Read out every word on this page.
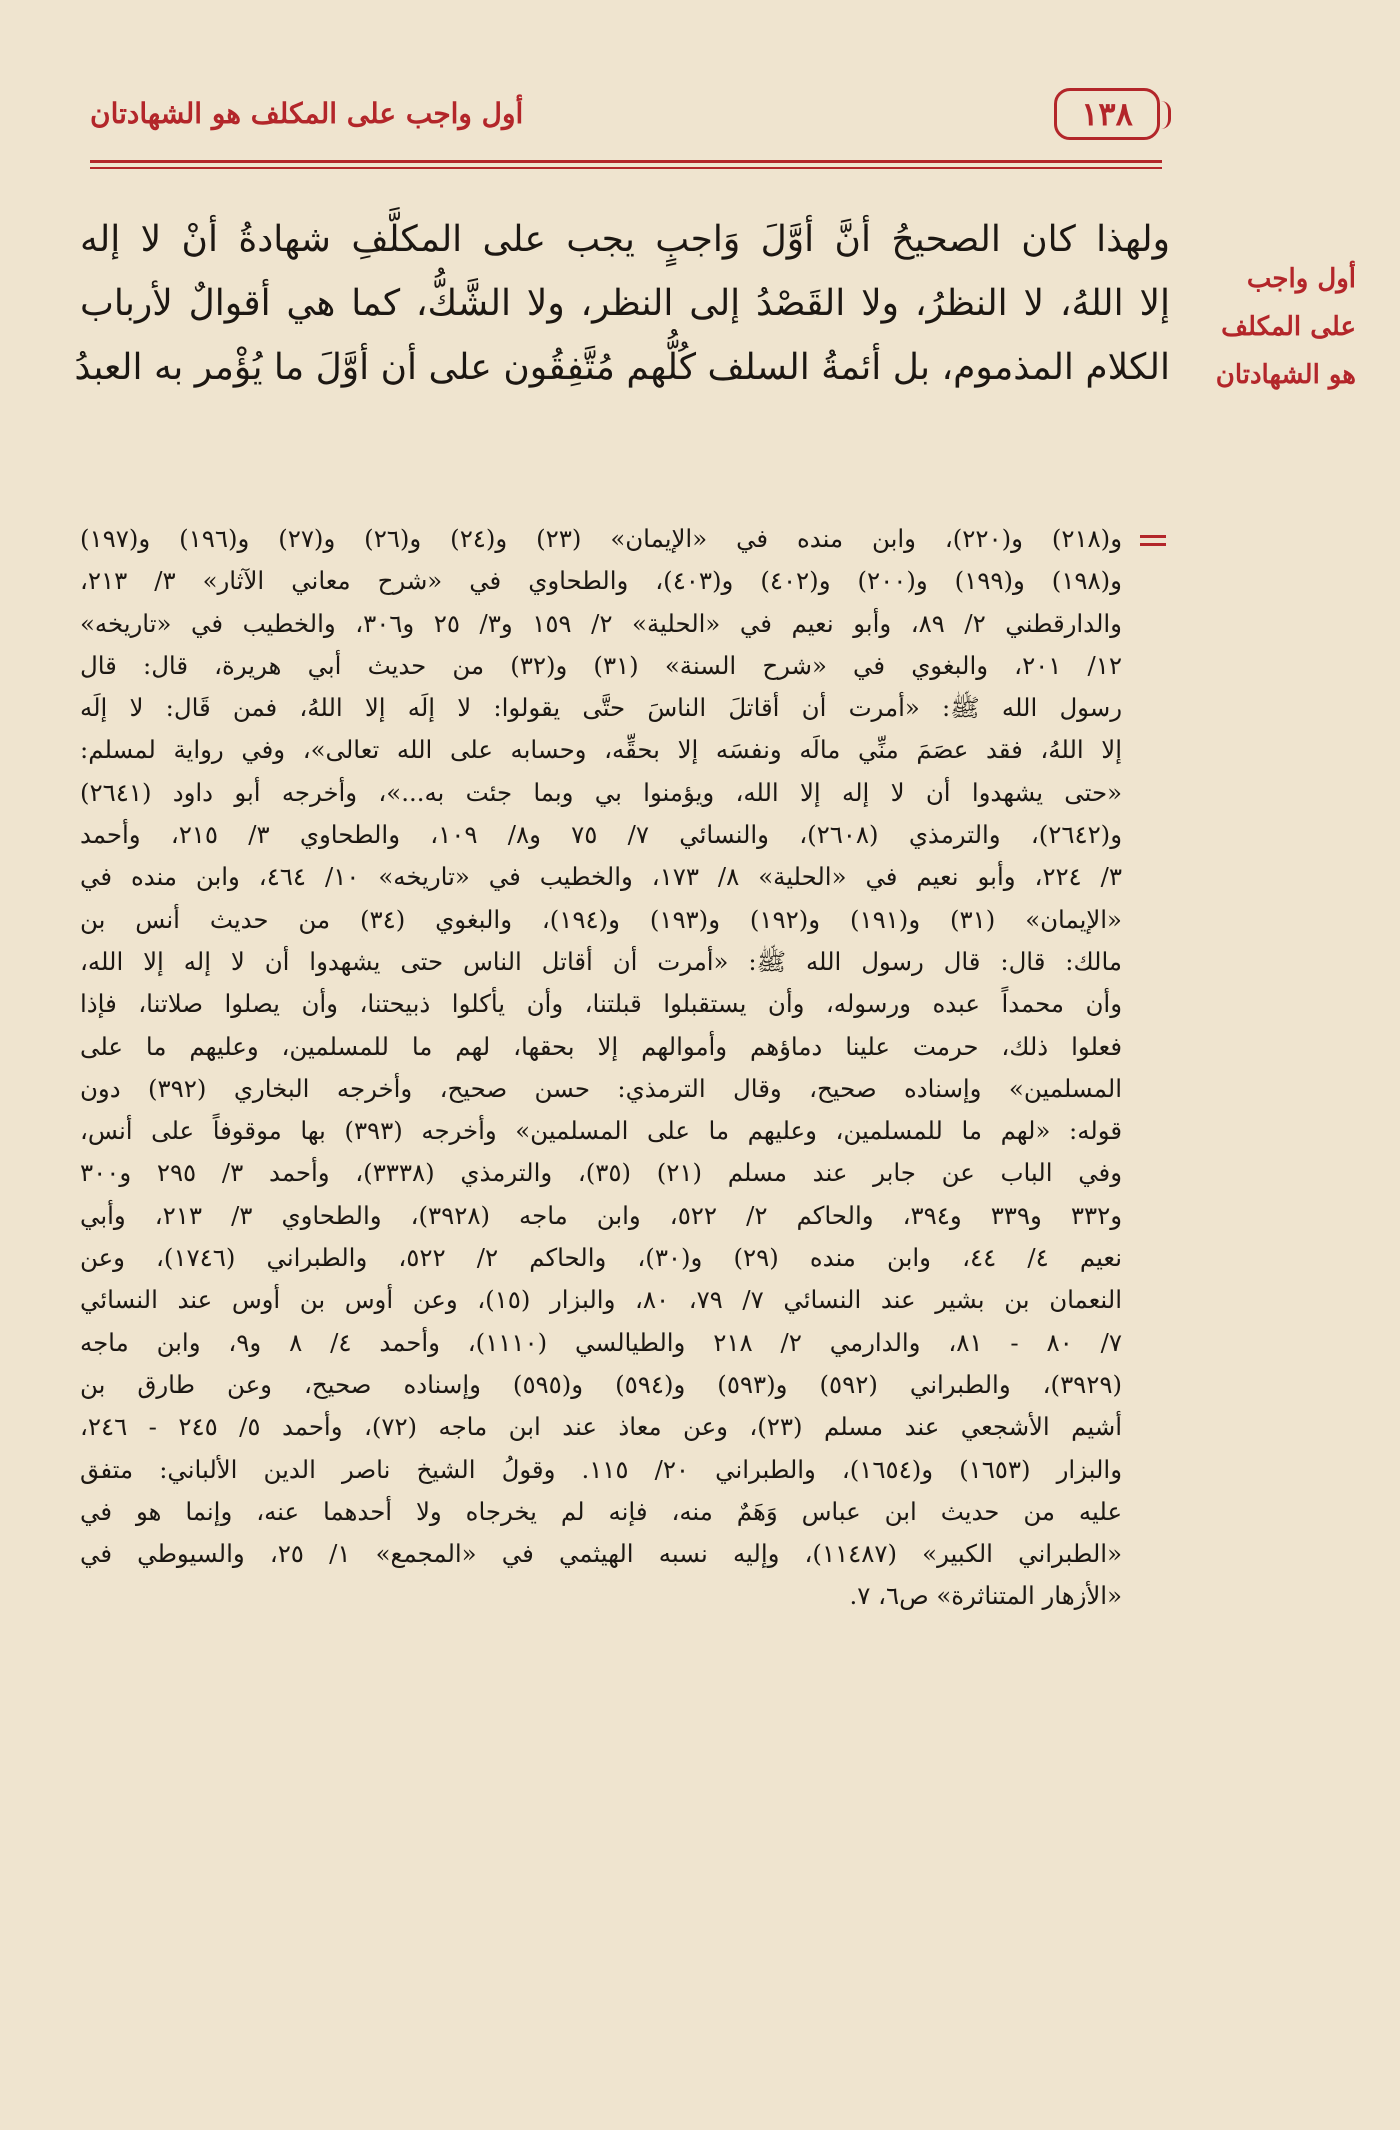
أول واجب على المكلف هو الشهادتان	١٣٨
أول واجب
على المكلف
هو الشهادتان
ولهذا كان الصحيحُ أنَّ أوَّلَ وَاجبٍ يجب على المكلَّفِ شهادةُ أنْ لا إله
إلا اللهُ، لا النظرُ، ولا القَصْدُ إلى النظر، ولا الشَّكُّ، كما هي أقوالٌ لأرباب
الكلام المذموم، بل أئمةُ السلف كُلُّهم مُتَّفِقُون على أن أوَّلَ ما يُؤْمر به العبدُ
و(٢١٨) و(٢٢٠)، وابن منده في «الإيمان» (٢٣) و(٢٤) و(٢٦) و(٢٧) و(١٩٦) و(١٩٧)
و(١٩٨) و(١٩٩) و(٢٠٠) و(٤٠٢) و(٤٠٣)، والطحاوي في «شرح معاني الآثار» ٣/ ٢١٣،
والدارقطني ٢/ ٨٩، وأبو نعيم في «الحلية» ٢/ ١٥٩ و٣/ ٢٥ و٣٠٦، والخطيب في «تاريخه»
١٢/ ٢٠١، والبغوي في «شرح السنة» (٣١) و(٣٢) من حديث أبي هريرة، قال: قال
رسول الله ﷺ: «أمرت أن أقاتلَ الناسَ حتَّى يقولوا: لا إلَه إلا اللهُ، فمن قَال: لا إلَه
إلا اللهُ، فقد عصَمَ منِّي مالَه ونفسَه إلا بحقِّه، وحسابه على الله تعالى»، وفي رواية لمسلم:
«حتى يشهدوا أن لا إله إلا الله، ويؤمنوا بي وبما جئت به...»، وأخرجه أبو داود (٢٦٤١)
و(٢٦٤٢)، والترمذي (٢٦٠٨)، والنسائي ٧/ ٧٥ و٨/ ١٠٩، والطحاوي ٣/ ٢١٥، وأحمد
٣/ ٢٢٤، وأبو نعيم في «الحلية» ٨/ ١٧٣، والخطيب في «تاريخه» ١٠/ ٤٦٤، وابن منده في
«الإيمان» (٣١) و(١٩١) و(١٩٢) و(١٩٣) و(١٩٤)، والبغوي (٣٤) من حديث أنس بن
مالك: قال: قال رسول الله ﷺ: «أمرت أن أقاتل الناس حتى يشهدوا أن لا إله إلا الله،
وأن محمداً عبده ورسوله، وأن يستقبلوا قبلتنا، وأن يأكلوا ذبيحتنا، وأن يصلوا صلاتنا، فإذا
فعلوا ذلك، حرمت علينا دماؤهم وأموالهم إلا بحقها، لهم ما للمسلمين، وعليهم ما على
المسلمين» وإسناده صحيح، وقال الترمذي: حسن صحيح، وأخرجه البخاري (٣٩٢) دون
قوله: «لهم ما للمسلمين، وعليهم ما على المسلمين» وأخرجه (٣٩٣) بها موقوفاً على أنس،
وفي الباب عن جابر عند مسلم (٢١) (٣٥)، والترمذي (٣٣٣٨)، وأحمد ٣/ ٢٩٥ و٣٠٠
و٣٣٢ و٣٣٩ و٣٩٤، والحاكم ٢/ ٥٢٢، وابن ماجه (٣٩٢٨)، والطحاوي ٣/ ٢١٣، وأبي
نعيم ٤/ ٤٤، وابن منده (٢٩) و(٣٠)، والحاكم ٢/ ٥٢٢، والطبراني (١٧٤٦)، وعن
النعمان بن بشير عند النسائي ٧/ ٧٩، ٨٠، والبزار (١٥)، وعن أوس بن أوس عند النسائي
٧/ ٨٠ - ٨١، والدارمي ٢/ ٢١٨ والطيالسي (١١١٠)، وأحمد ٤/ ٨ و٩، وابن ماجه
(٣٩٢٩)، والطبراني (٥٩٢) و(٥٩٣) و(٥٩٤) و(٥٩٥) وإسناده صحيح، وعن طارق بن
أشيم الأشجعي عند مسلم (٢٣)، وعن معاذ عند ابن ماجه (٧٢)، وأحمد ٥/ ٢٤٥ - ٢٤٦،
والبزار (١٦٥٣) و(١٦٥٤)، والطبراني ٢٠/ ١١٥. وقولُ الشيخ ناصر الدين الألباني: متفق
عليه من حديث ابن عباس وَهَمٌ منه، فإنه لم يخرجاه ولا أحدهما عنه، وإنما هو في
«الطبراني الكبير» (١١٤٨٧)، وإليه نسبه الهيثمي في «المجمع» ١/ ٢٥، والسيوطي في
«الأزهار المتناثرة» ص٦، ٧.
